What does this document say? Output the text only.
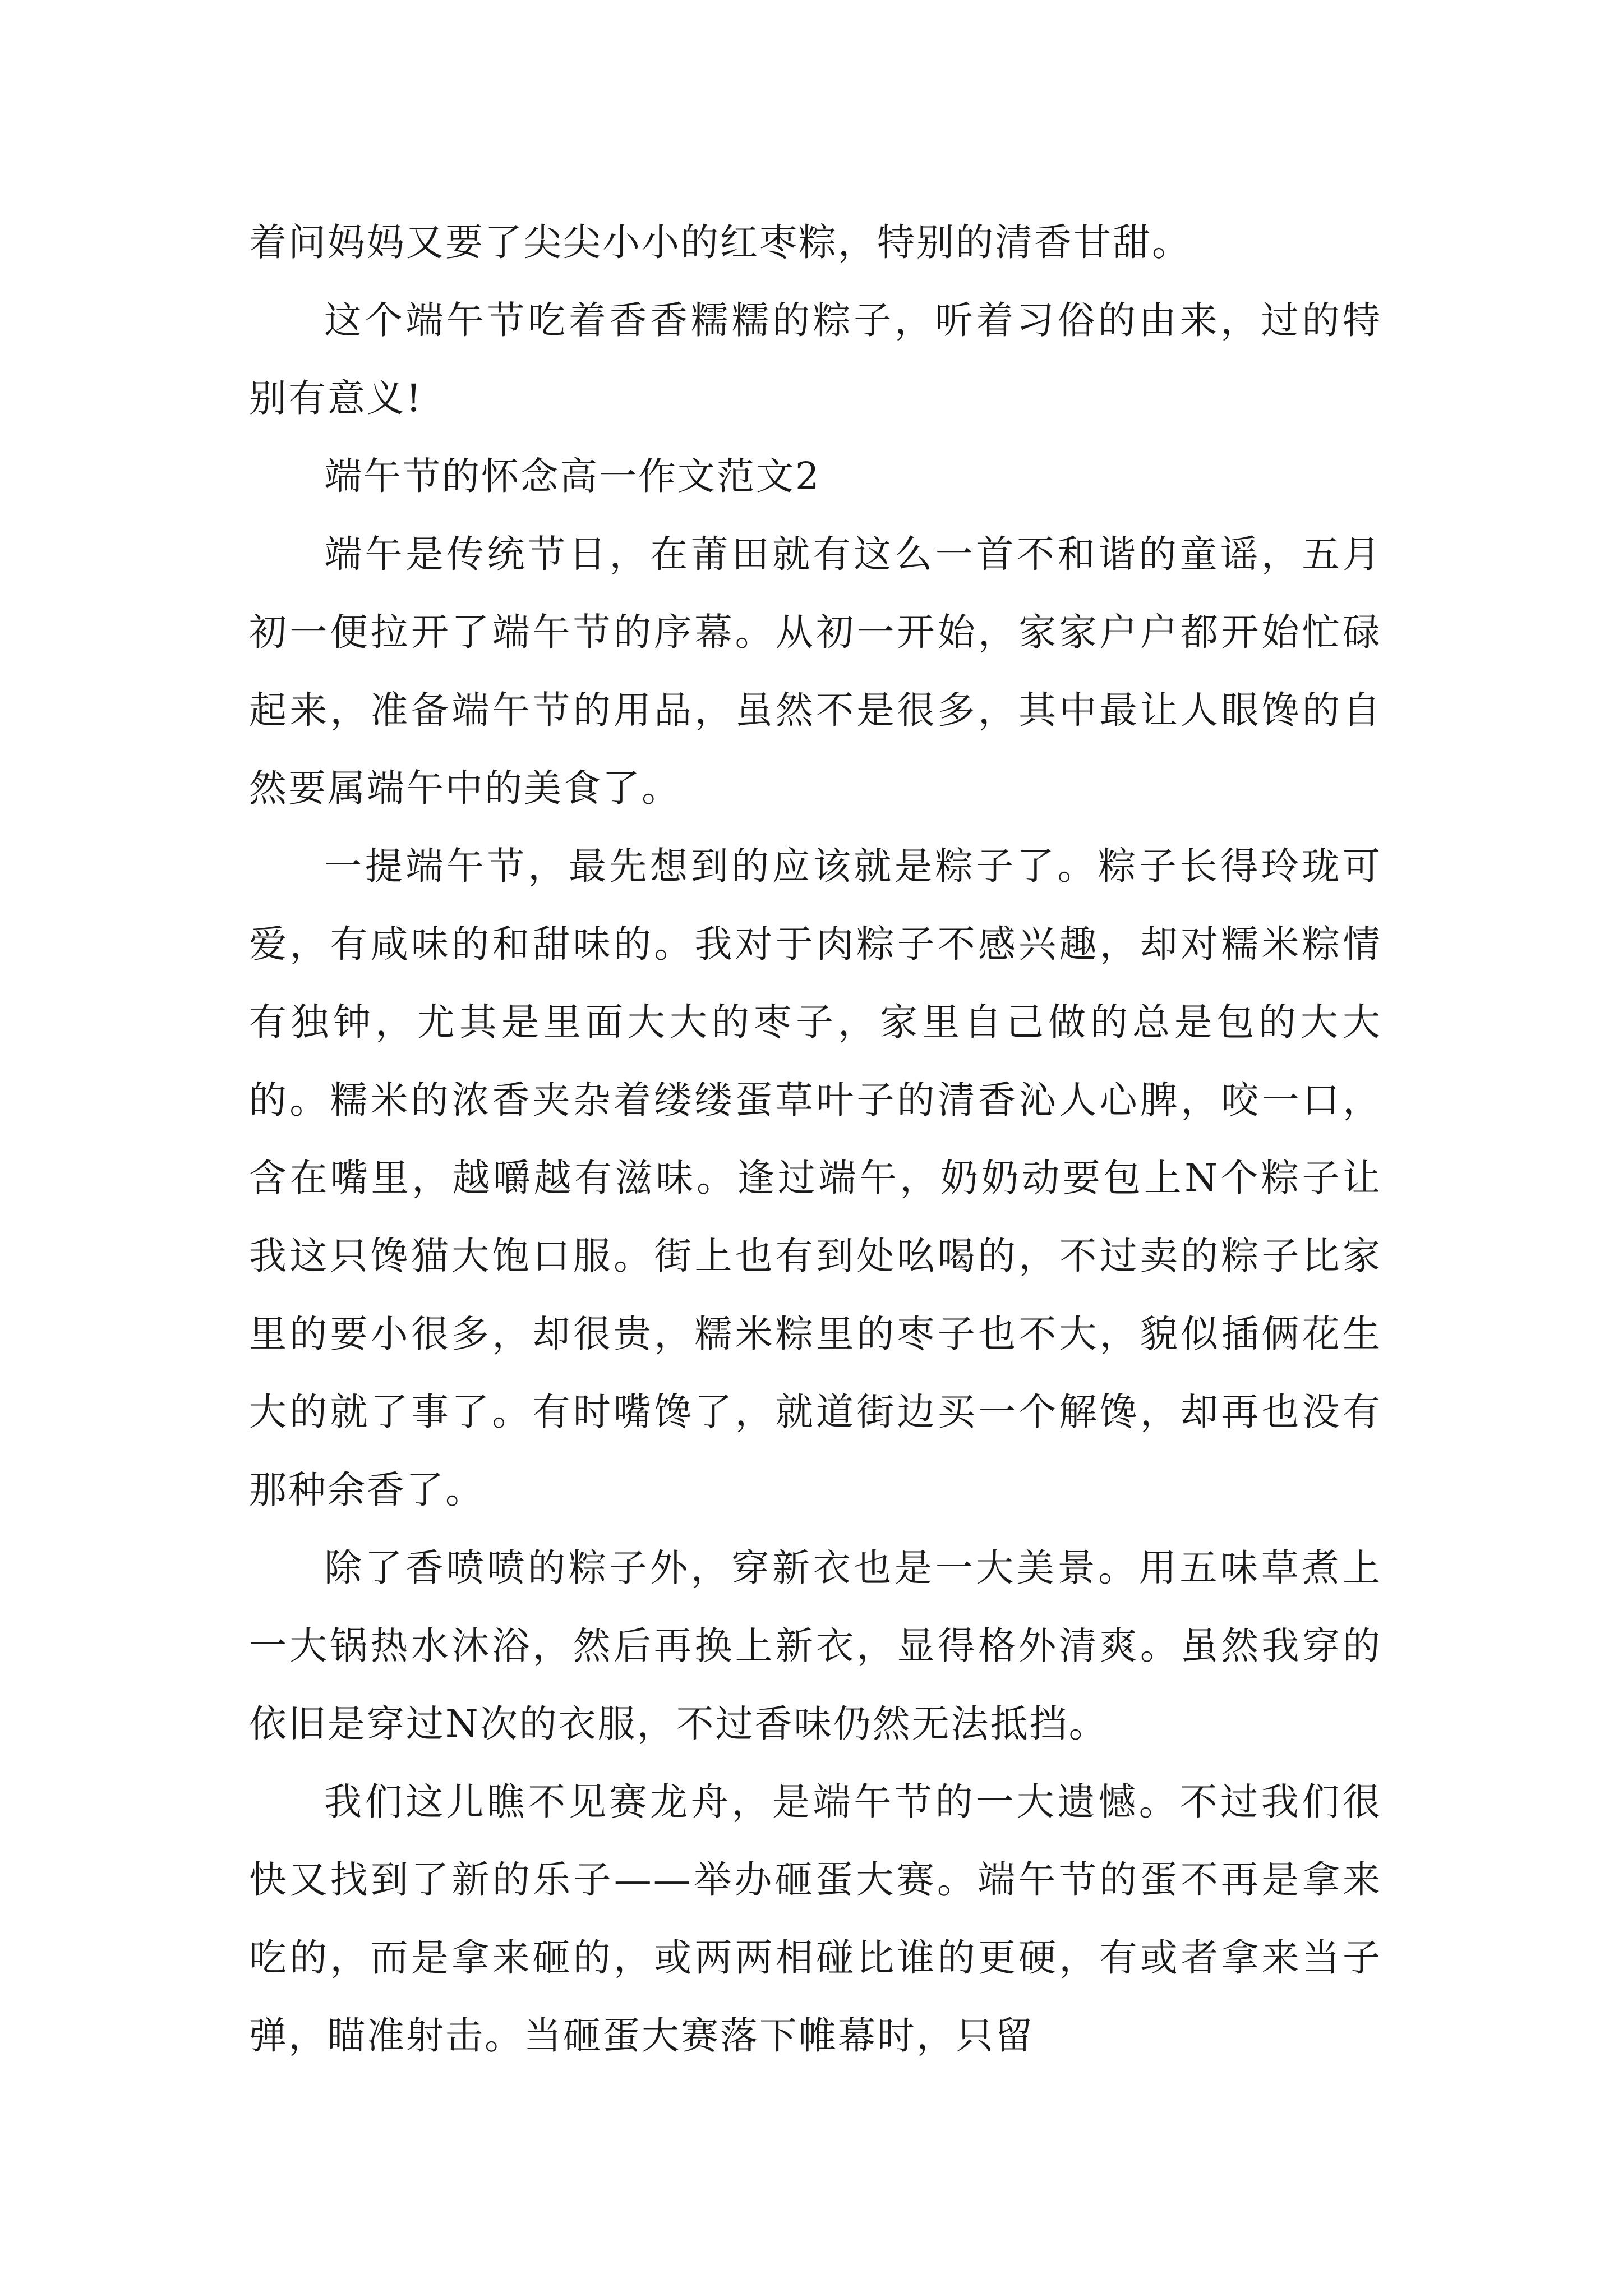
着问妈妈又要了尖尖小小的红枣粽，特别的清香甘甜。

这个端午节吃着香香糯糯的粽子，听着习俗的由来，过的特别有意义!

端午节的怀念高一作文范文2

端午是传统节日，在莆田就有这么一首不和谐的童谣，五月初一便拉开了端午节的序幕。从初一开始，家家户户都开始忙碌起来，准备端午节的用品，虽然不是很多，其中最让人眼馋的自然要属端午中的美食了。

一提端午节，最先想到的应该就是粽子了。粽子长得玲珑可爱，有咸味的和甜味的。我对于肉粽子不感兴趣，却对糯米粽情有独钟，尤其是里面大大的枣子，家里自己做的总是包的大大的。糯米的浓香夹杂着缕缕蛋草叶子的清香沁人心脾，咬一口，含在嘴里，越嚼越有滋味。逢过端午，奶奶动要包上N个粽子让我这只馋猫大饱口服。街上也有到处吆喝的，不过卖的粽子比家里的要小很多，却很贵，糯米粽里的枣子也不大，貌似插俩花生大的就了事了。有时嘴馋了，就道街边买一个解馋，却再也没有那种余香了。

除了香喷喷的粽子外，穿新衣也是一大美景。用五味草煮上一大锅热水沐浴，然后再换上新衣，显得格外清爽。虽然我穿的依旧是穿过N次的衣服，不过香味仍然无法抵挡。

我们这儿瞧不见赛龙舟，是端午节的一大遗憾。不过我们很快又找到了新的乐子——举办砸蛋大赛。端午节的蛋不再是拿来吃的，而是拿来砸的，或两两相碰比谁的更硬，有或者拿来当子弹，瞄准射击。当砸蛋大赛落下帷幕时，只留
